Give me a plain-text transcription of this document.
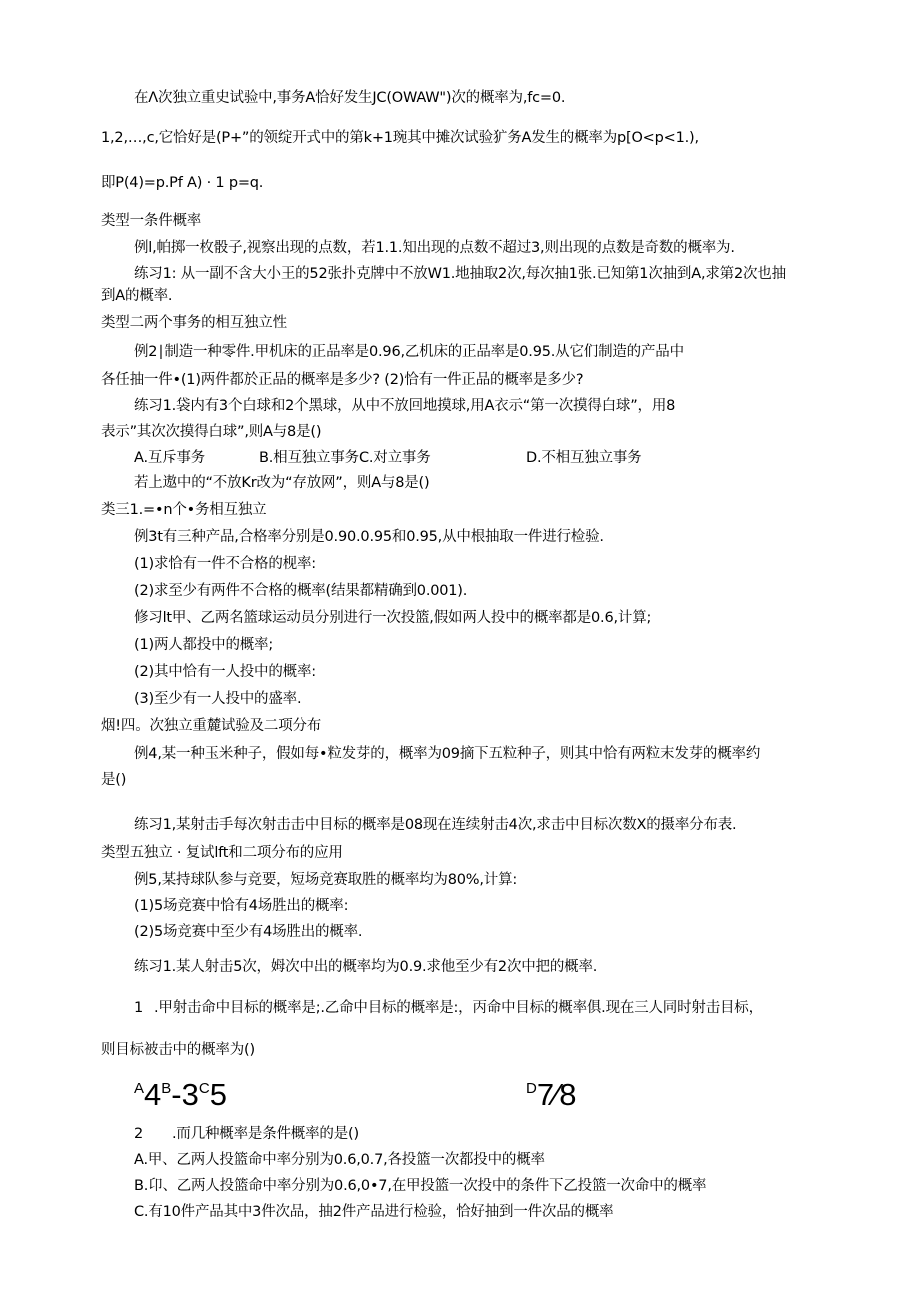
在Λ次独立重史试验中,事务A恰好发生JC(OWAW")次的概率为,fc=0.
1,2,…,c,它恰好是(P+”的领绽开式中的第k+1琬其中摊次试验犷务A发生的概率为p[O<p<1.),
即P(4)=p.Pf A) · 1 p=q.
类型一条件概率
例l,帕掷一枚骰子,视察出现的点数，若1.1.知出现的点数不超过3,则出现的点数是奇数的概率为.
练习1: 从一副不含大小王的52张扑克牌中不放W1.地抽取2次,每次抽1张.已知第1次抽到A,求第2次也抽
到A的概率.
类型二两个事务的相互独立性
例2∣制造一种零件.甲机床的正品率是0.96,乙机床的正品率是0.95.从它们制造的产品中
各任抽一件•(1)两件都於正品的概率是多少? (2)恰有一件正品的概率是多少?
练习1.袋内有3个白球和2个黑球，从中不放回地摸球,用A衣示“第一次摸得白球”，用8
表示”其次次摸得白球”,则A与8是()
A.互斥事务	B.相互独立事务C.对立事务	D.不相互独立事务
若上遨中的“不放Kr改为“存放网”，则A与8是()
类三1.=•n个•务相互独立
例3t有三种产品,合格率分别是0.90.0.95和0.95,从中根抽取一件进行检验.
(1)求恰有一件不合格的枧率:
(2)求至少有两件不合格的概率(结果都精确到0.001).
修习lt甲、乙两名篮球运动员分别进行一次投篮,假如两人投中的概率都是0.6,计算;
(1)两人都投中的概率;
(2)其中恰有一人投中的概率:
(3)至少有一人投中的盛率.
烟!四。次独立重麓试验及二项分布
例4,某一种玉米种子，假如每•粒发芽的，概率为09摘下五粒种子，则其中恰有两粒末发芽的概率约
是()
练习1,某射击手每次射击击中目标的概率是08现在连续射击4次,求击中目标次数X的摄率分布表.
类型五独立 · 复试lft和二项分布的应用
例5,某持球队参与竞要，短场竞赛取胜的概率均为80%,计算:
(1)5场竞赛中恰有4场胜出的概率:
(2)5场竞赛中至少有4场胜出的概率.
练习1.某人射击5次，姆次中出的概率均为0.9.求他至少有2次中把的概率.
1 .甲射击命中目标的概率是;.乙命中目标的概率是:，丙命中目标的概率俱.现在三人同时射击目标，
则目标被击中的概率为()
A4B-3C5	D7⁄8
2 .而几种概率是条件概率的是()
A.甲、乙两人投篮命中率分别为0.6,0.7,各投篮一次都投中的概率
B.卬、乙两人投篮命中率分别为0.6,0•7,在甲投篮一次投中的条件下乙投篮一次命中的概率
C.有10件产品其中3件次品，抽2件产品进行检验，恰好抽到一件次品的概率
